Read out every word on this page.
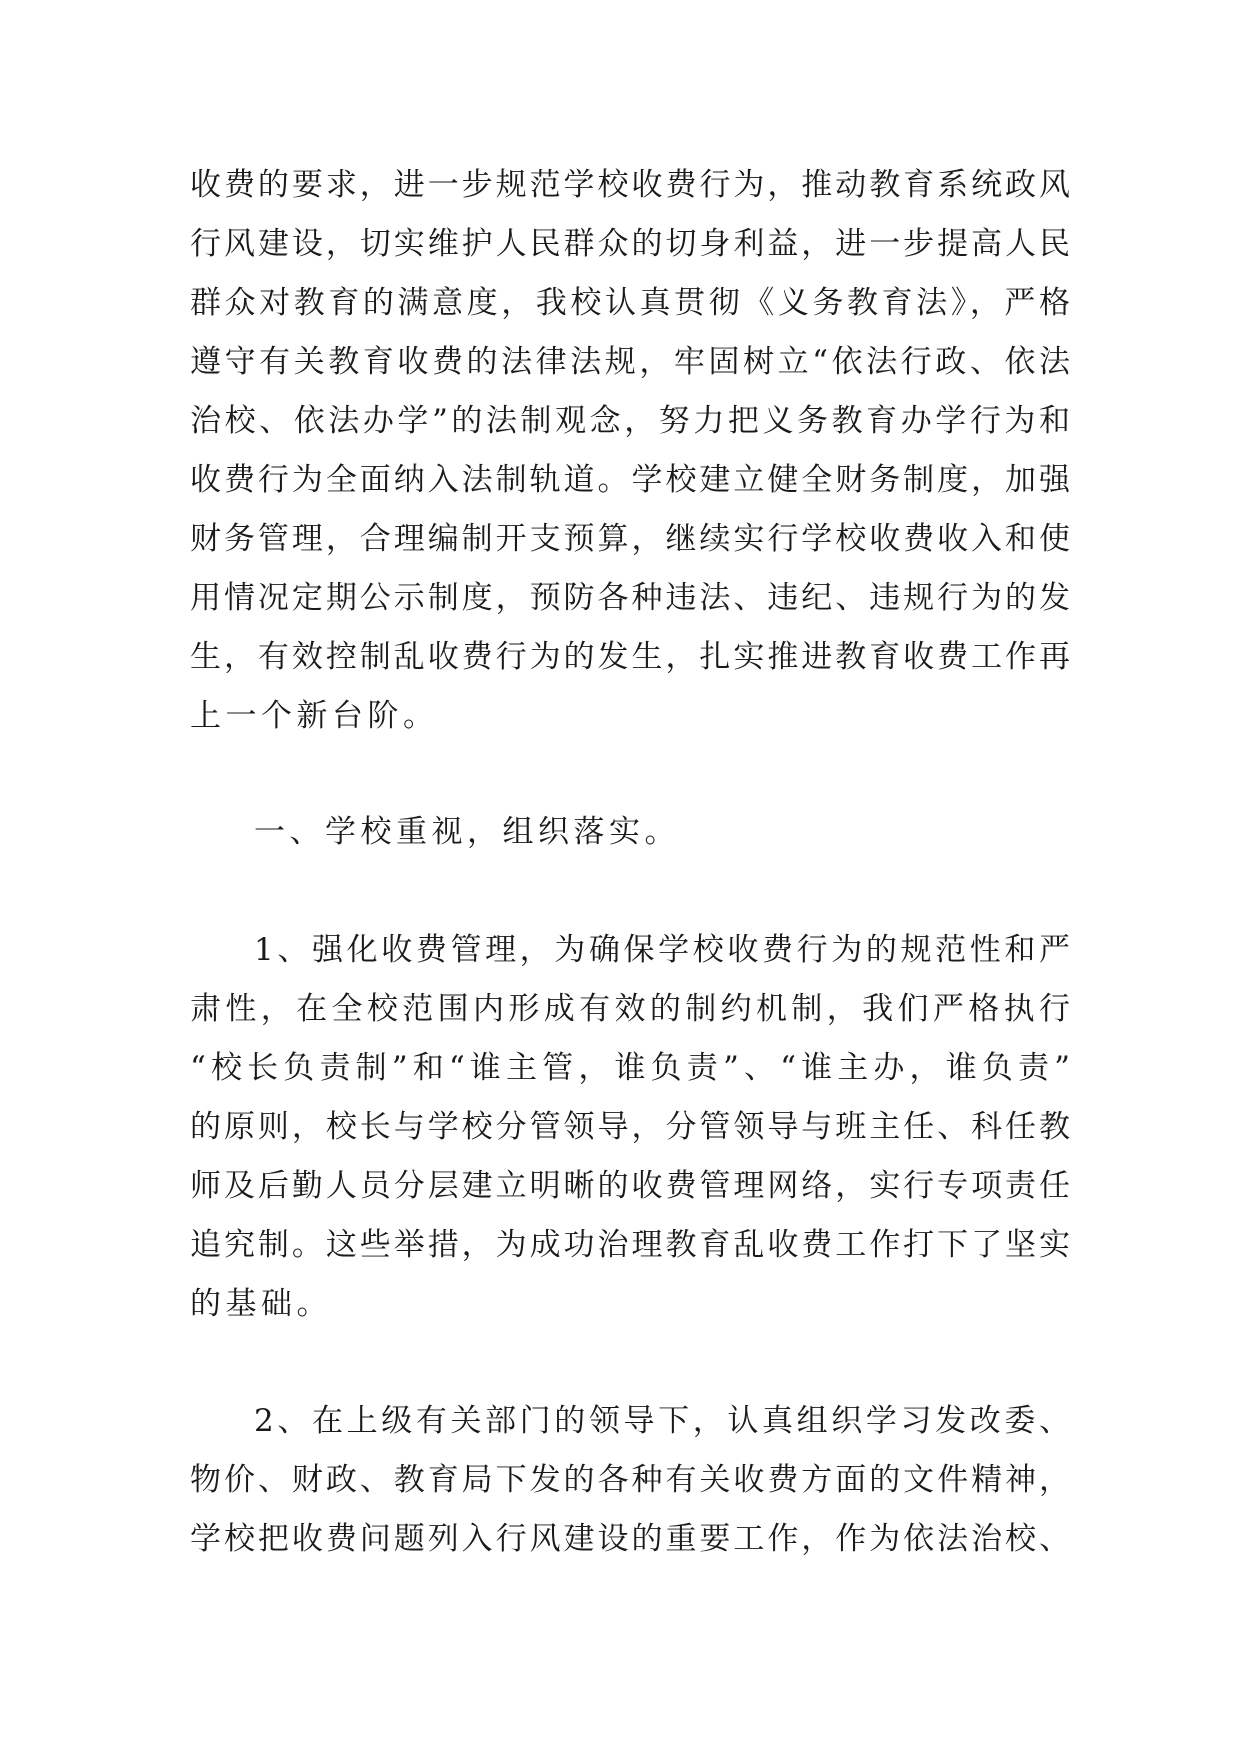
收费的要求，进一步规范学校收费行为，推动教育系统政风
行风建设，切实维护人民群众的切身利益，进一步提高人民
群众对教育的满意度，我校认真贯彻《义务教育法》，严格
遵守有关教育收费的法律法规，牢固树立“依法行政、依法
治校、依法办学”的法制观念，努力把义务教育办学行为和
收费行为全面纳入法制轨道。学校建立健全财务制度，加强
财务管理，合理编制开支预算，继续实行学校收费收入和使
用情况定期公示制度，预防各种违法、违纪、违规行为的发
生，有效控制乱收费行为的发生，扎实推进教育收费工作再
上一个新台阶。
一、学校重视，组织落实。
1、强化收费管理，为确保学校收费行为的规范性和严
肃性，在全校范围内形成有效的制约机制，我们严格执行
“校长负责制”和“谁主管，谁负责”、“谁主办，谁负责”
的原则，校长与学校分管领导，分管领导与班主任、科任教
师及后勤人员分层建立明晰的收费管理网络，实行专项责任
追究制。这些举措，为成功治理教育乱收费工作打下了坚实
的基础。
2、在上级有关部门的领导下，认真组织学习发改委、
物价、财政、教育局下发的各种有关收费方面的文件精神，
学校把收费问题列入行风建设的重要工作，作为依法治校、
